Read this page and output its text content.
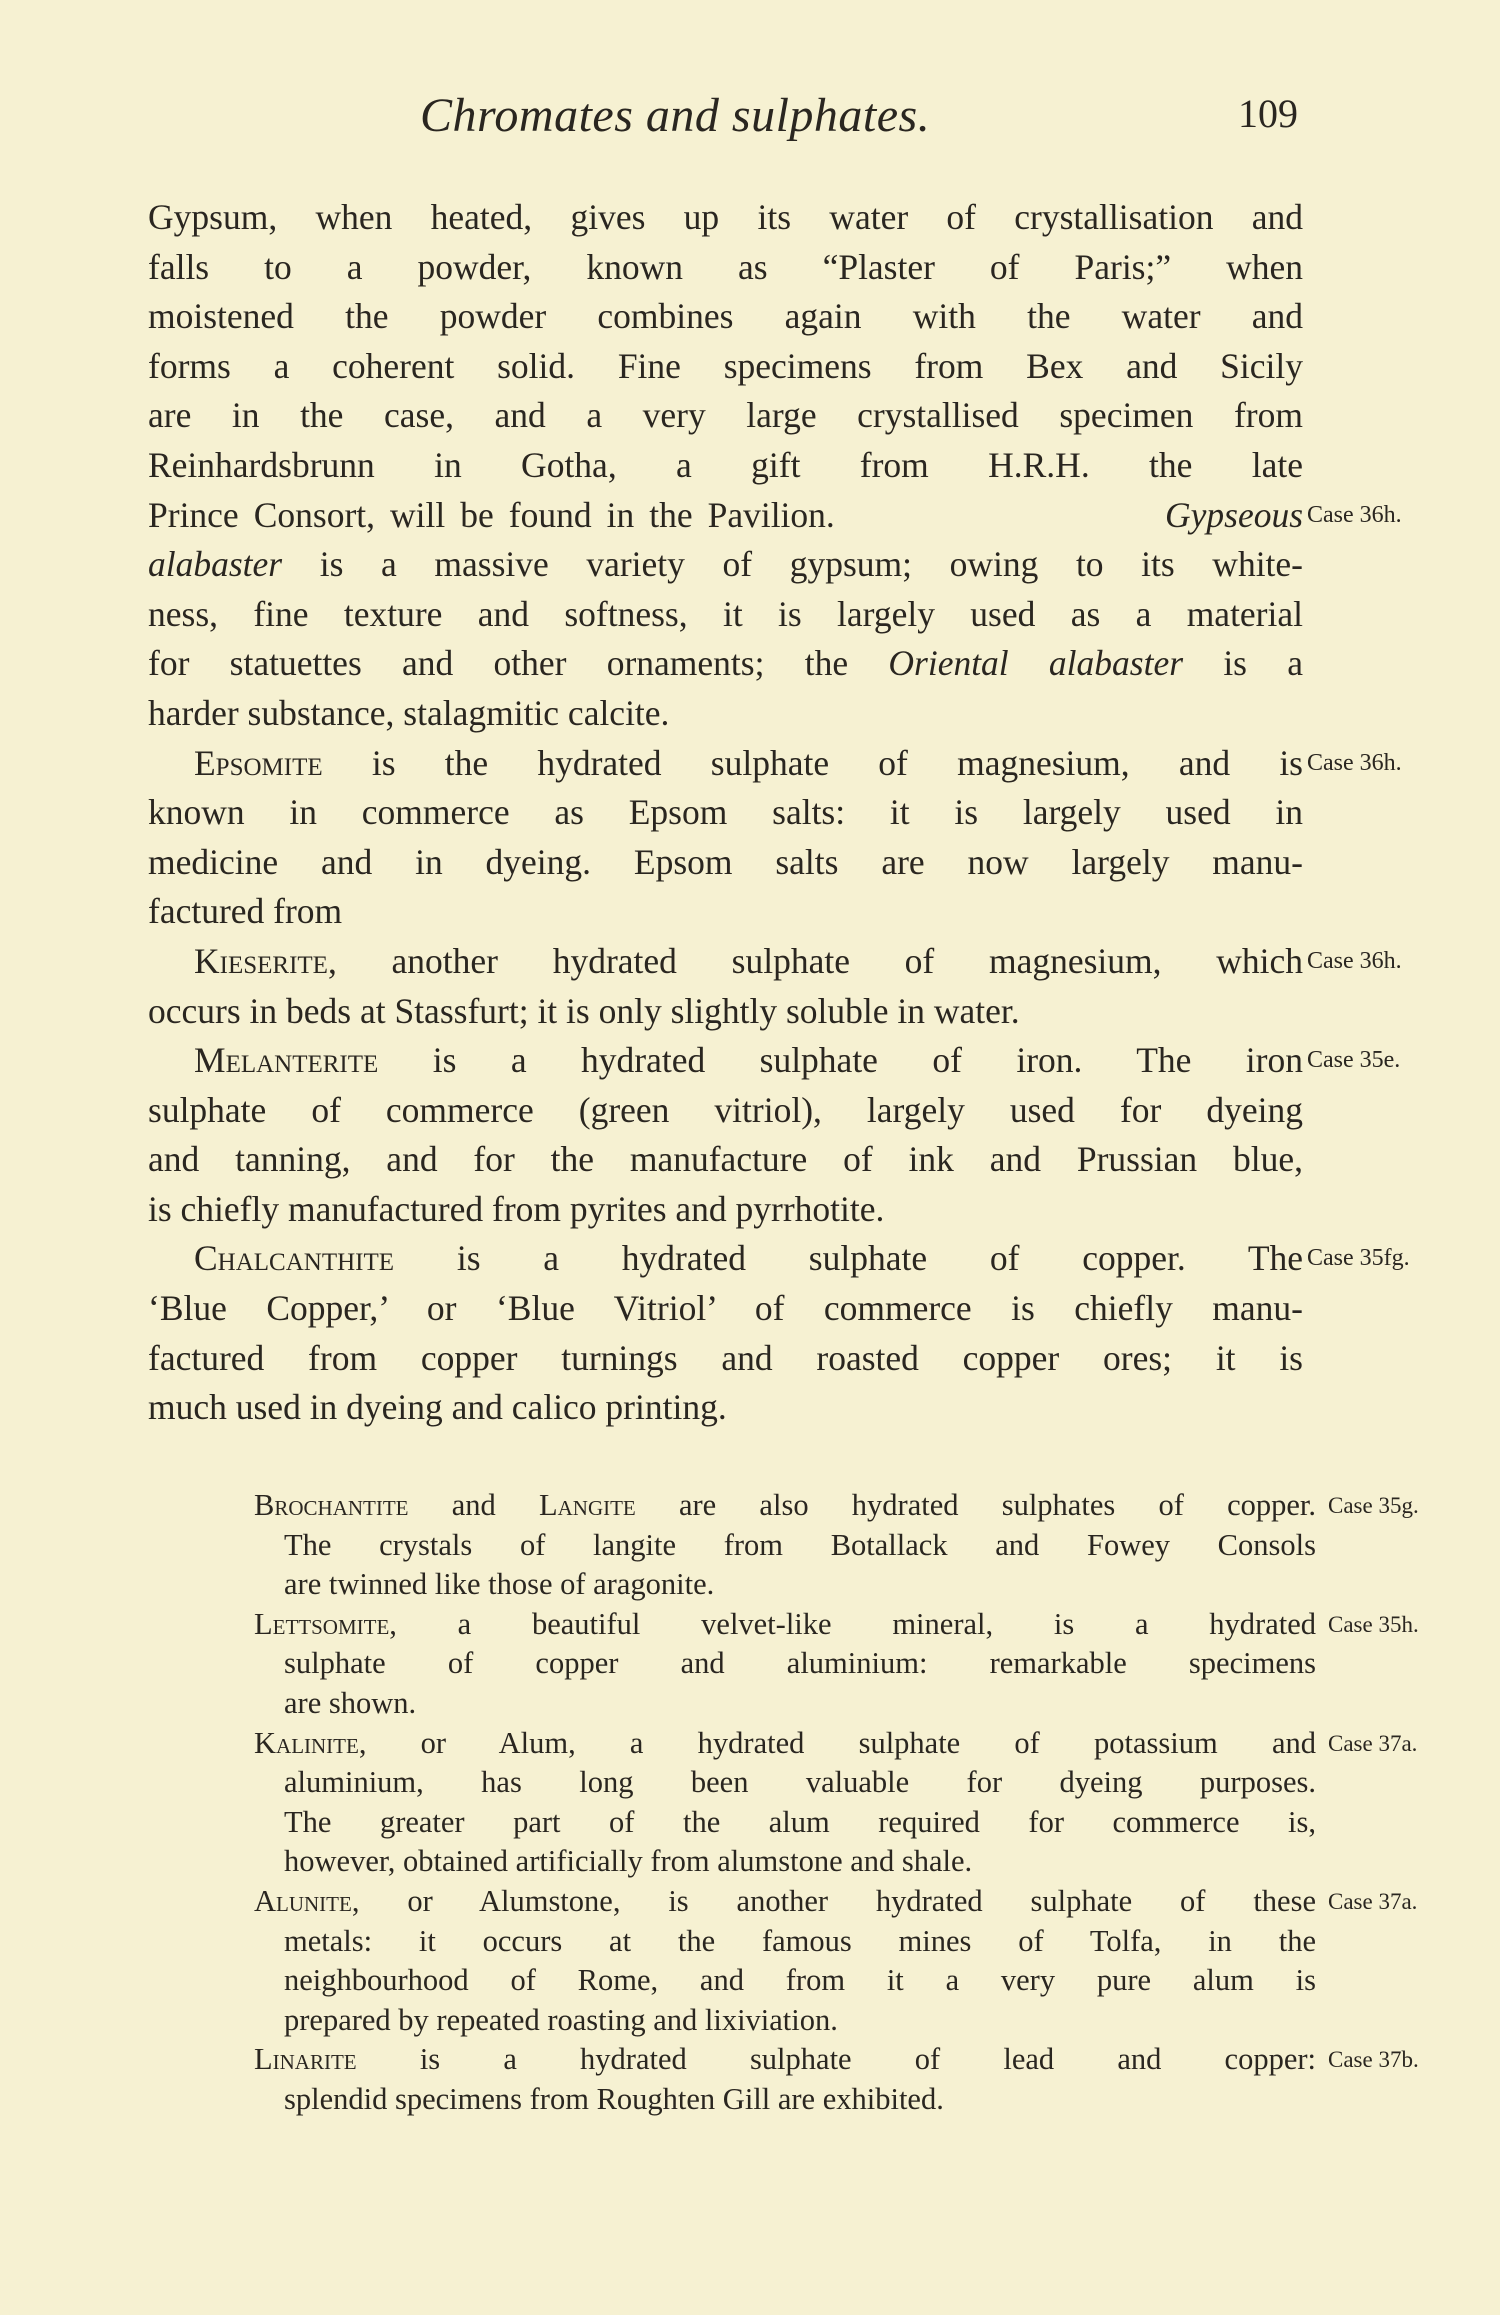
Chromates and sulphates.	109
Gypsum, when heated, gives up its water of crystallisation and
falls to a powder, known as “Plaster of Paris;” when
moistened the powder combines again with the water and
forms a coherent solid. Fine specimens from Bex and Sicily
are in the case, and a very large crystallised specimen from
Reinhardsbrunn in Gotha, a gift from H.R.H. the late
Prince Consort, will be found in the Pavilion.	Gypseous Case 36h.
alabaster is a massive variety of gypsum; owing to its white-
ness, fine texture and softness, it is largely used as a material
for statuettes and other ornaments; the Oriental alabaster is a
harder substance, stalagmitic calcite.
Epsomite is the hydrated sulphate of magnesium, and is Case 36h.
known in commerce as Epsom salts: it is largely used in
medicine and in dyeing. Epsom salts are now largely manu-
factured from
Kieserite, another hydrated sulphate of magnesium, which Case 36h.
occurs in beds at Stassfurt; it is only slightly soluble in water.
Melanterite is a hydrated sulphate of iron. The iron Case 35e.
sulphate of commerce (green vitriol), largely used for dyeing
and tanning, and for the manufacture of ink and Prussian blue,
is chiefly manufactured from pyrites and pyrrhotite.
Chalcanthite is a hydrated sulphate of copper. The Case 35fg.
‘Blue Copper,’ or ‘Blue Vitriol’ of commerce is chiefly manu-
factured from copper turnings and roasted copper ores; it is
much used in dyeing and calico printing.
Brochantite and Langite are also hydrated sulphates of copper. Case 35g.
The crystals of langite from Botallack and Fowey Consols
are twinned like those of aragonite.
Lettsomite, a beautiful velvet-like mineral, is a hydrated Case 35h.
sulphate of copper and aluminium: remarkable specimens
are shown.
Kalinite, or Alum, a hydrated sulphate of potassium and Case 37a.
aluminium, has long been valuable for dyeing purposes.
The greater part of the alum required for commerce is,
however, obtained artificially from alumstone and shale.
Alunite, or Alumstone, is another hydrated sulphate of these Case 37a.
metals: it occurs at the famous mines of Tolfa, in the
neighbourhood of Rome, and from it a very pure alum is
prepared by repeated roasting and lixiviation.
Linarite is a hydrated sulphate of lead and copper: Case 37b.
splendid specimens from Roughten Gill are exhibited.
